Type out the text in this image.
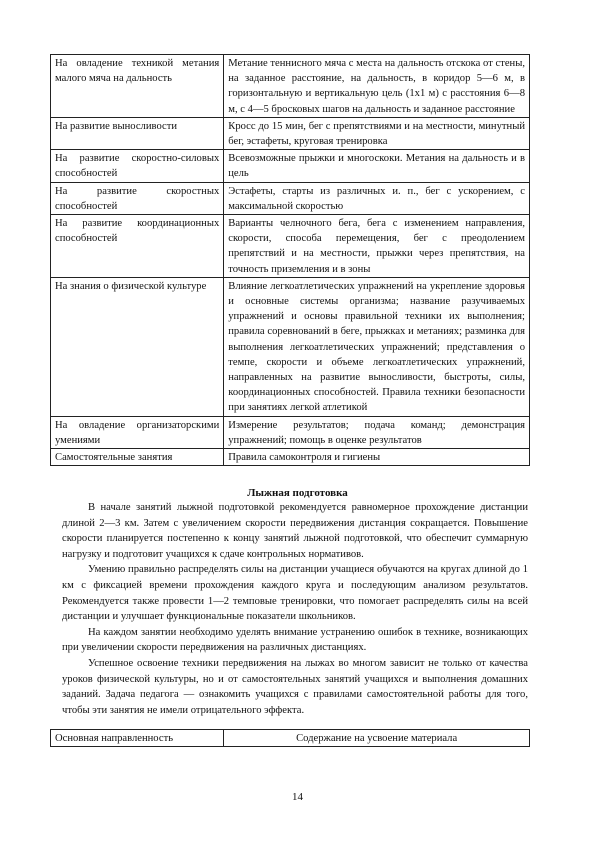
На овладение техникой метания малого мяча на дальность	Метание теннисного мяча с места на дальность отскока от стены, на заданное расстояние, на дальность, в коридор 5—6 м, в горизонтальную и вертикальную цель (1х1 м) с расстояния 6—8 м, с 4—5 бросковых шагов на дальность и заданное расстояние
На развитие выносливости	Кросс до 15 мин, бег с препятствиями и на местности, минутный бег, эстафеты, круговая тренировка
На развитие скоростно-силовых способностей	Всевозможные прыжки и многоскоки. Метания на дальность и в цель
На развитие скоростных способностей	Эстафеты, старты из различных и. п., бег с ускорением, с максимальной скоростью
На развитие координационных способностей	Варианты челночного бега, бега с изменением направления, скорости, способа перемещения, бег с преодолением препятствий и на местности, прыжки через препятствия, на точность приземления и в зоны
На знания о физической культуре	Влияние легкоатлетических упражнений на укрепление здоровья и основные системы организма; название разучиваемых упражнений и основы правильной техники их выполнения; правила соревнований в беге, прыжках и метаниях; разминка для выполнения легкоатлетических упражнений; представления о темпе, скорости и объеме легкоатлетических упражнений, направленных на развитие выносливости, быстроты, силы, координационных способностей. Правила техники безопасности при занятиях легкой атлетикой
На овладение организаторскими умениями	Измерение результатов; подача команд; демонстрация упражнений; помощь в оценке результатов
Самостоятельные занятия	Правила самоконтроля и гигиены
Лыжная подготовка

В начале занятий лыжной подготовкой рекомендуется равномерное прохождение дистанции длиной 2—3 км. Затем с увеличением скорости передвижения дистанция сокращается. Повышение скорости планируется постепенно к концу занятий лыжной подготовкой, что обеспечит суммарную нагрузку и подготовит учащихся к сдаче контрольных нормативов.

Умению правильно распределять силы на дистанции учащиеся обучаются на кругах длиной до 1 км с фиксацией времени прохождения каждого круга и последующим анализом результатов. Рекомендуется также провести 1—2 темповые тренировки, что помогает распределять силы на всей дистанции и улучшает функциональные показатели школьников.

На каждом занятии необходимо уделять внимание устранению ошибок в технике, возникающих при увеличении скорости передвижения на различных дистанциях.

Успешное освоение техники передвижения на лыжах во многом зависит не только от качества уроков физической культуры, но и от самостоятельных занятий учащихся и выполнения домашних заданий. Задача педагога — ознакомить учащихся с правилами самостоятельной работы для того, чтобы эти занятия не имели отрицательного эффекта.

Основная направленность	Содержание на усвоение материала
14
